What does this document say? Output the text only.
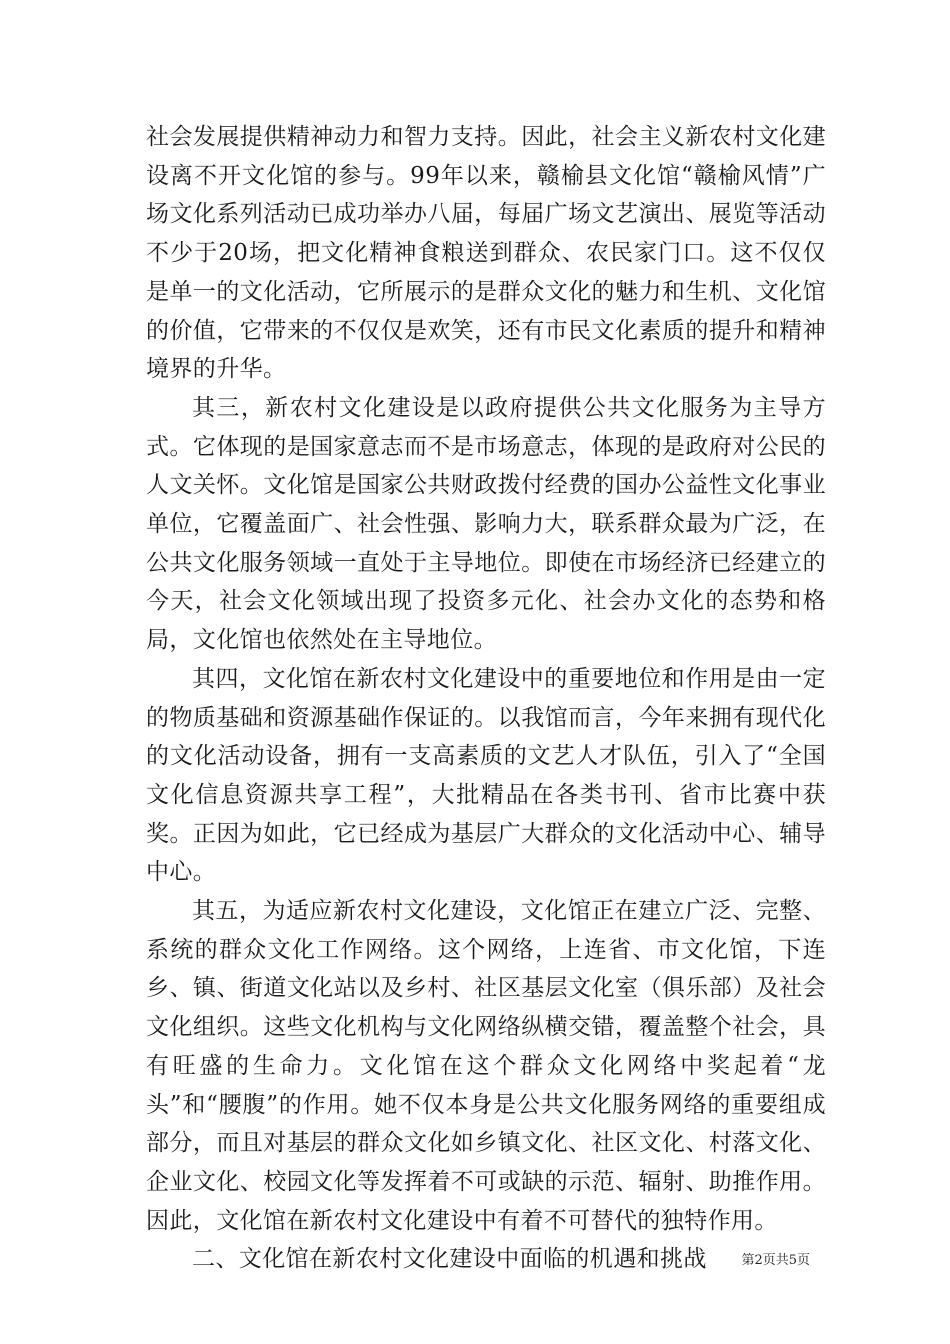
社会发展提供精神动力和智力支持。因此，社会主义新农村文化建设离不开文化馆的参与。99年以来，赣榆县文化馆“赣榆风情”广场文化系列活动已成功举办八届，每届广场文艺演出、展览等活动不少于20场，把文化精神食粮送到群众、农民家门口。这不仅仅是单一的文化活动，它所展示的是群众文化的魅力和生机、文化馆的价值，它带来的不仅仅是欢笑，还有市民文化素质的提升和精神境界的升华。

其三，新农村文化建设是以政府提供公共文化服务为主导方式。它体现的是国家意志而不是市场意志，体现的是政府对公民的人文关怀。文化馆是国家公共财政拨付经费的国办公益性文化事业单位，它覆盖面广、社会性强、影响力大，联系群众最为广泛，在公共文化服务领域一直处于主导地位。即使在市场经济已经建立的今天，社会文化领域出现了投资多元化、社会办文化的态势和格局，文化馆也依然处在主导地位。

其四，文化馆在新农村文化建设中的重要地位和作用是由一定的物质基础和资源基础作保证的。以我馆而言，今年来拥有现代化的文化活动设备，拥有一支高素质的文艺人才队伍，引入了“全国文化信息资源共享工程”，大批精品在各类书刊、省市比赛中获奖。正因为如此，它已经成为基层广大群众的文化活动中心、辅导中心。

其五，为适应新农村文化建设，文化馆正在建立广泛、完整、系统的群众文化工作网络。这个网络，上连省、市文化馆，下连乡、镇、街道文化站以及乡村、社区基层文化室（俱乐部）及社会文化组织。这些文化机构与文化网络纵横交错，覆盖整个社会，具有旺盛的生命力。文化馆在这个群众文化网络中奖起着“龙头”和“腰腹”的作用。她不仅本身是公共文化服务网络的重要组成部分，而且对基层的群众文化如乡镇文化、社区文化、村落文化、企业文化、校园文化等发挥着不可或缺的示范、辐射、助推作用。因此，文化馆在新农村文化建设中有着不可替代的独特作用。

二、文化馆在新农村文化建设中面临的机遇和挑战	第2页共5页
